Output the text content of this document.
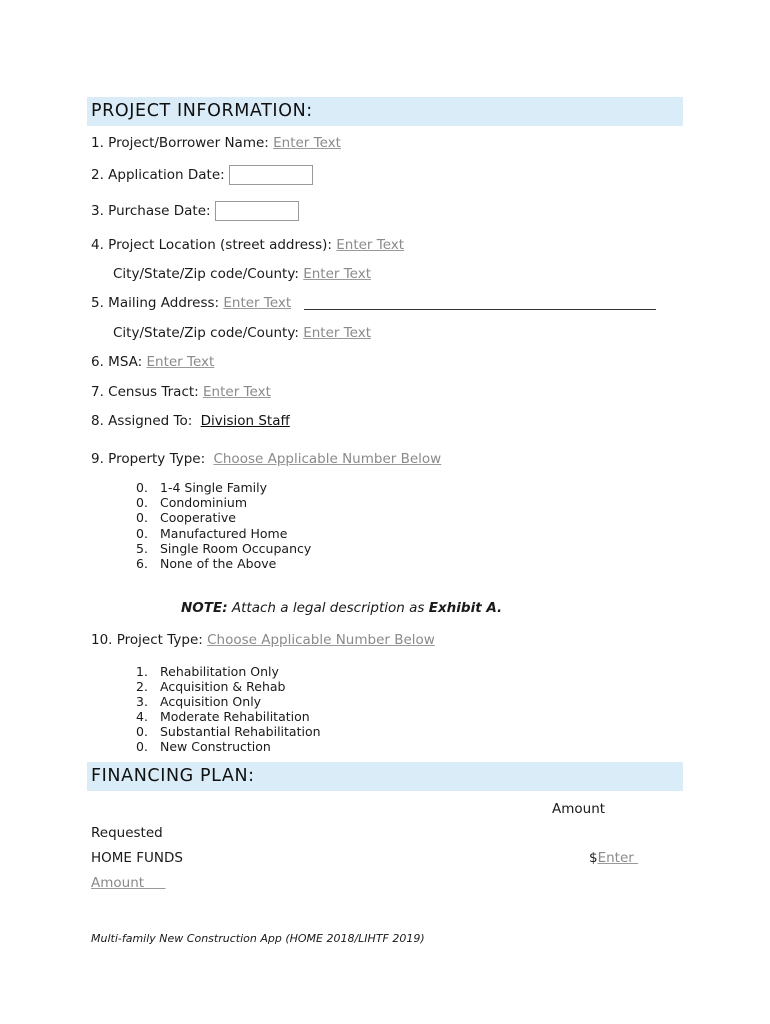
PROJECT INFORMATION:
1. Project/Borrower Name: Enter Text
2. Application Date:
3. Purchase Date:
4. Project Location (street address): Enter Text
City/State/Zip code/County: Enter Text
5. Mailing Address: Enter Text
City/State/Zip code/County: Enter Text
6. MSA: Enter Text
7. Census Tract: Enter Text
8. Assigned To: Division Staff
9. Property Type: Choose Applicable Number Below
0. 1-4 Single Family
0. Condominium
0. Cooperative
0. Manufactured Home
5. Single Room Occupancy
6. None of the Above
NOTE: Attach a legal description as Exhibit A.
10. Project Type: Choose Applicable Number Below
1. Rehabilitation Only
2. Acquisition & Rehab
3. Acquisition Only
4. Moderate Rehabilitation
0. Substantial Rehabilitation
0. New Construction
FINANCING PLAN:
Amount
Requested
HOME FUNDS	$Enter
Amount
Multi-family New Construction App (HOME 2018/LIHTF 2019)
